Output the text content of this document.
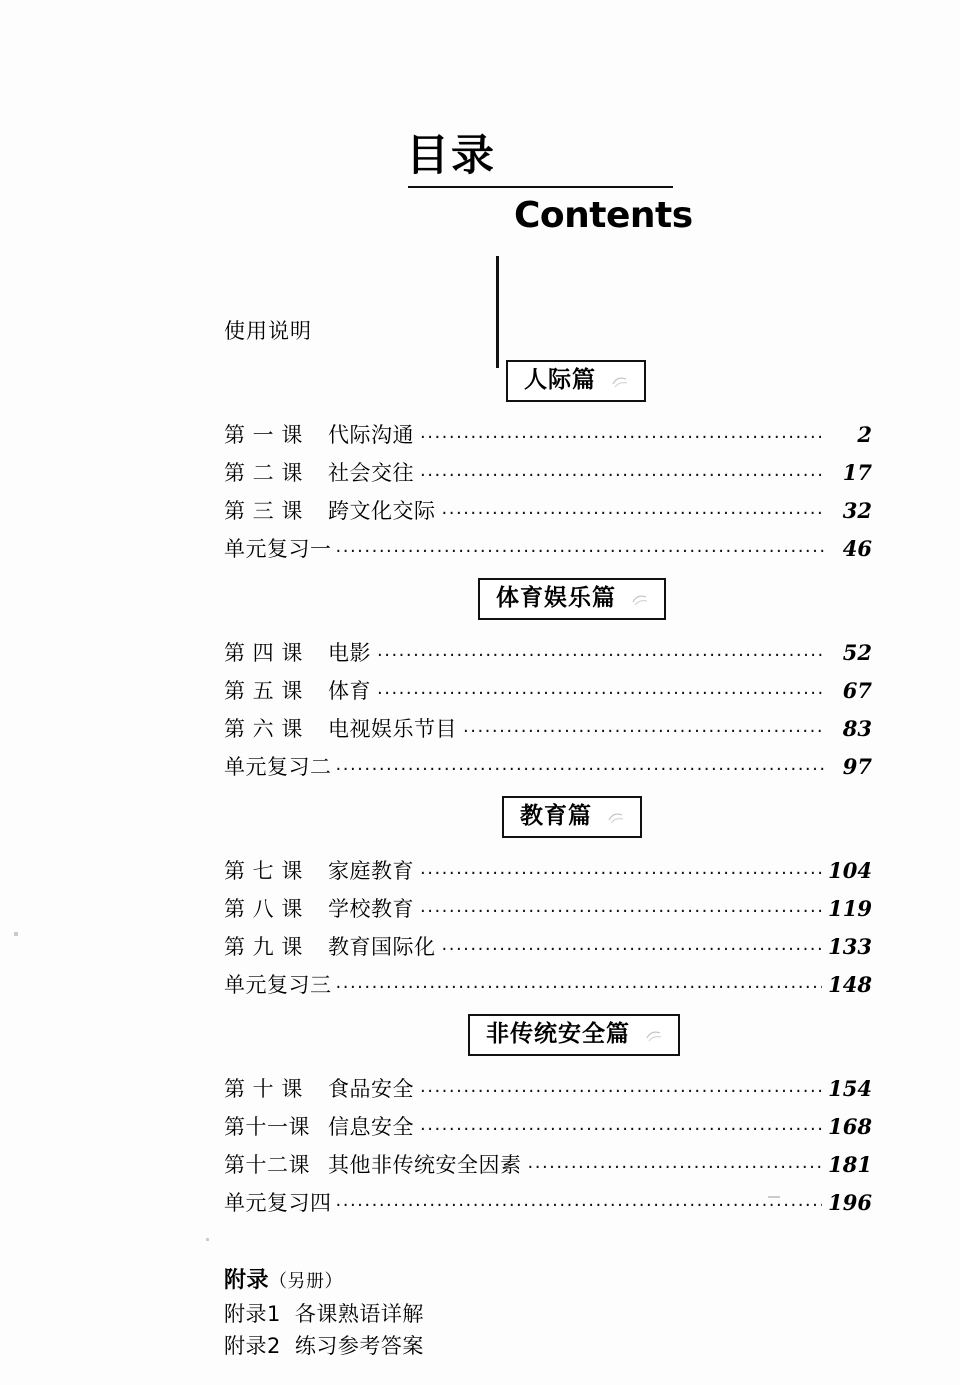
目录
Contents
使用说明
人际篇
第 一 课	代际沟通 ·····	2
第 二 课	社会交往 ·····	17
第 三 课	跨文化交际 ·····	32
单元复习一 ·····	46
体育娱乐篇
第 四 课	电影 ·····	52
第 五 课	体育 ·····	67
第 六 课	电视娱乐节目 ·····	83
单元复习二 ·····	97
教育篇
第 七 课	家庭教育 ·····	104
第 八 课	学校教育 ·····	119
第 九 课	教育国际化 ·····	133
单元复习三 ·····	148
非传统安全篇
第 十 课	食品安全 ·····	154
第十一课 信息安全 ·····	168
第十二课 其他非传统安全因素 ·····	181
单元复习四 ·····	196
附录（另册）
附录1 各课熟语详解
附录2 练习参考答案
